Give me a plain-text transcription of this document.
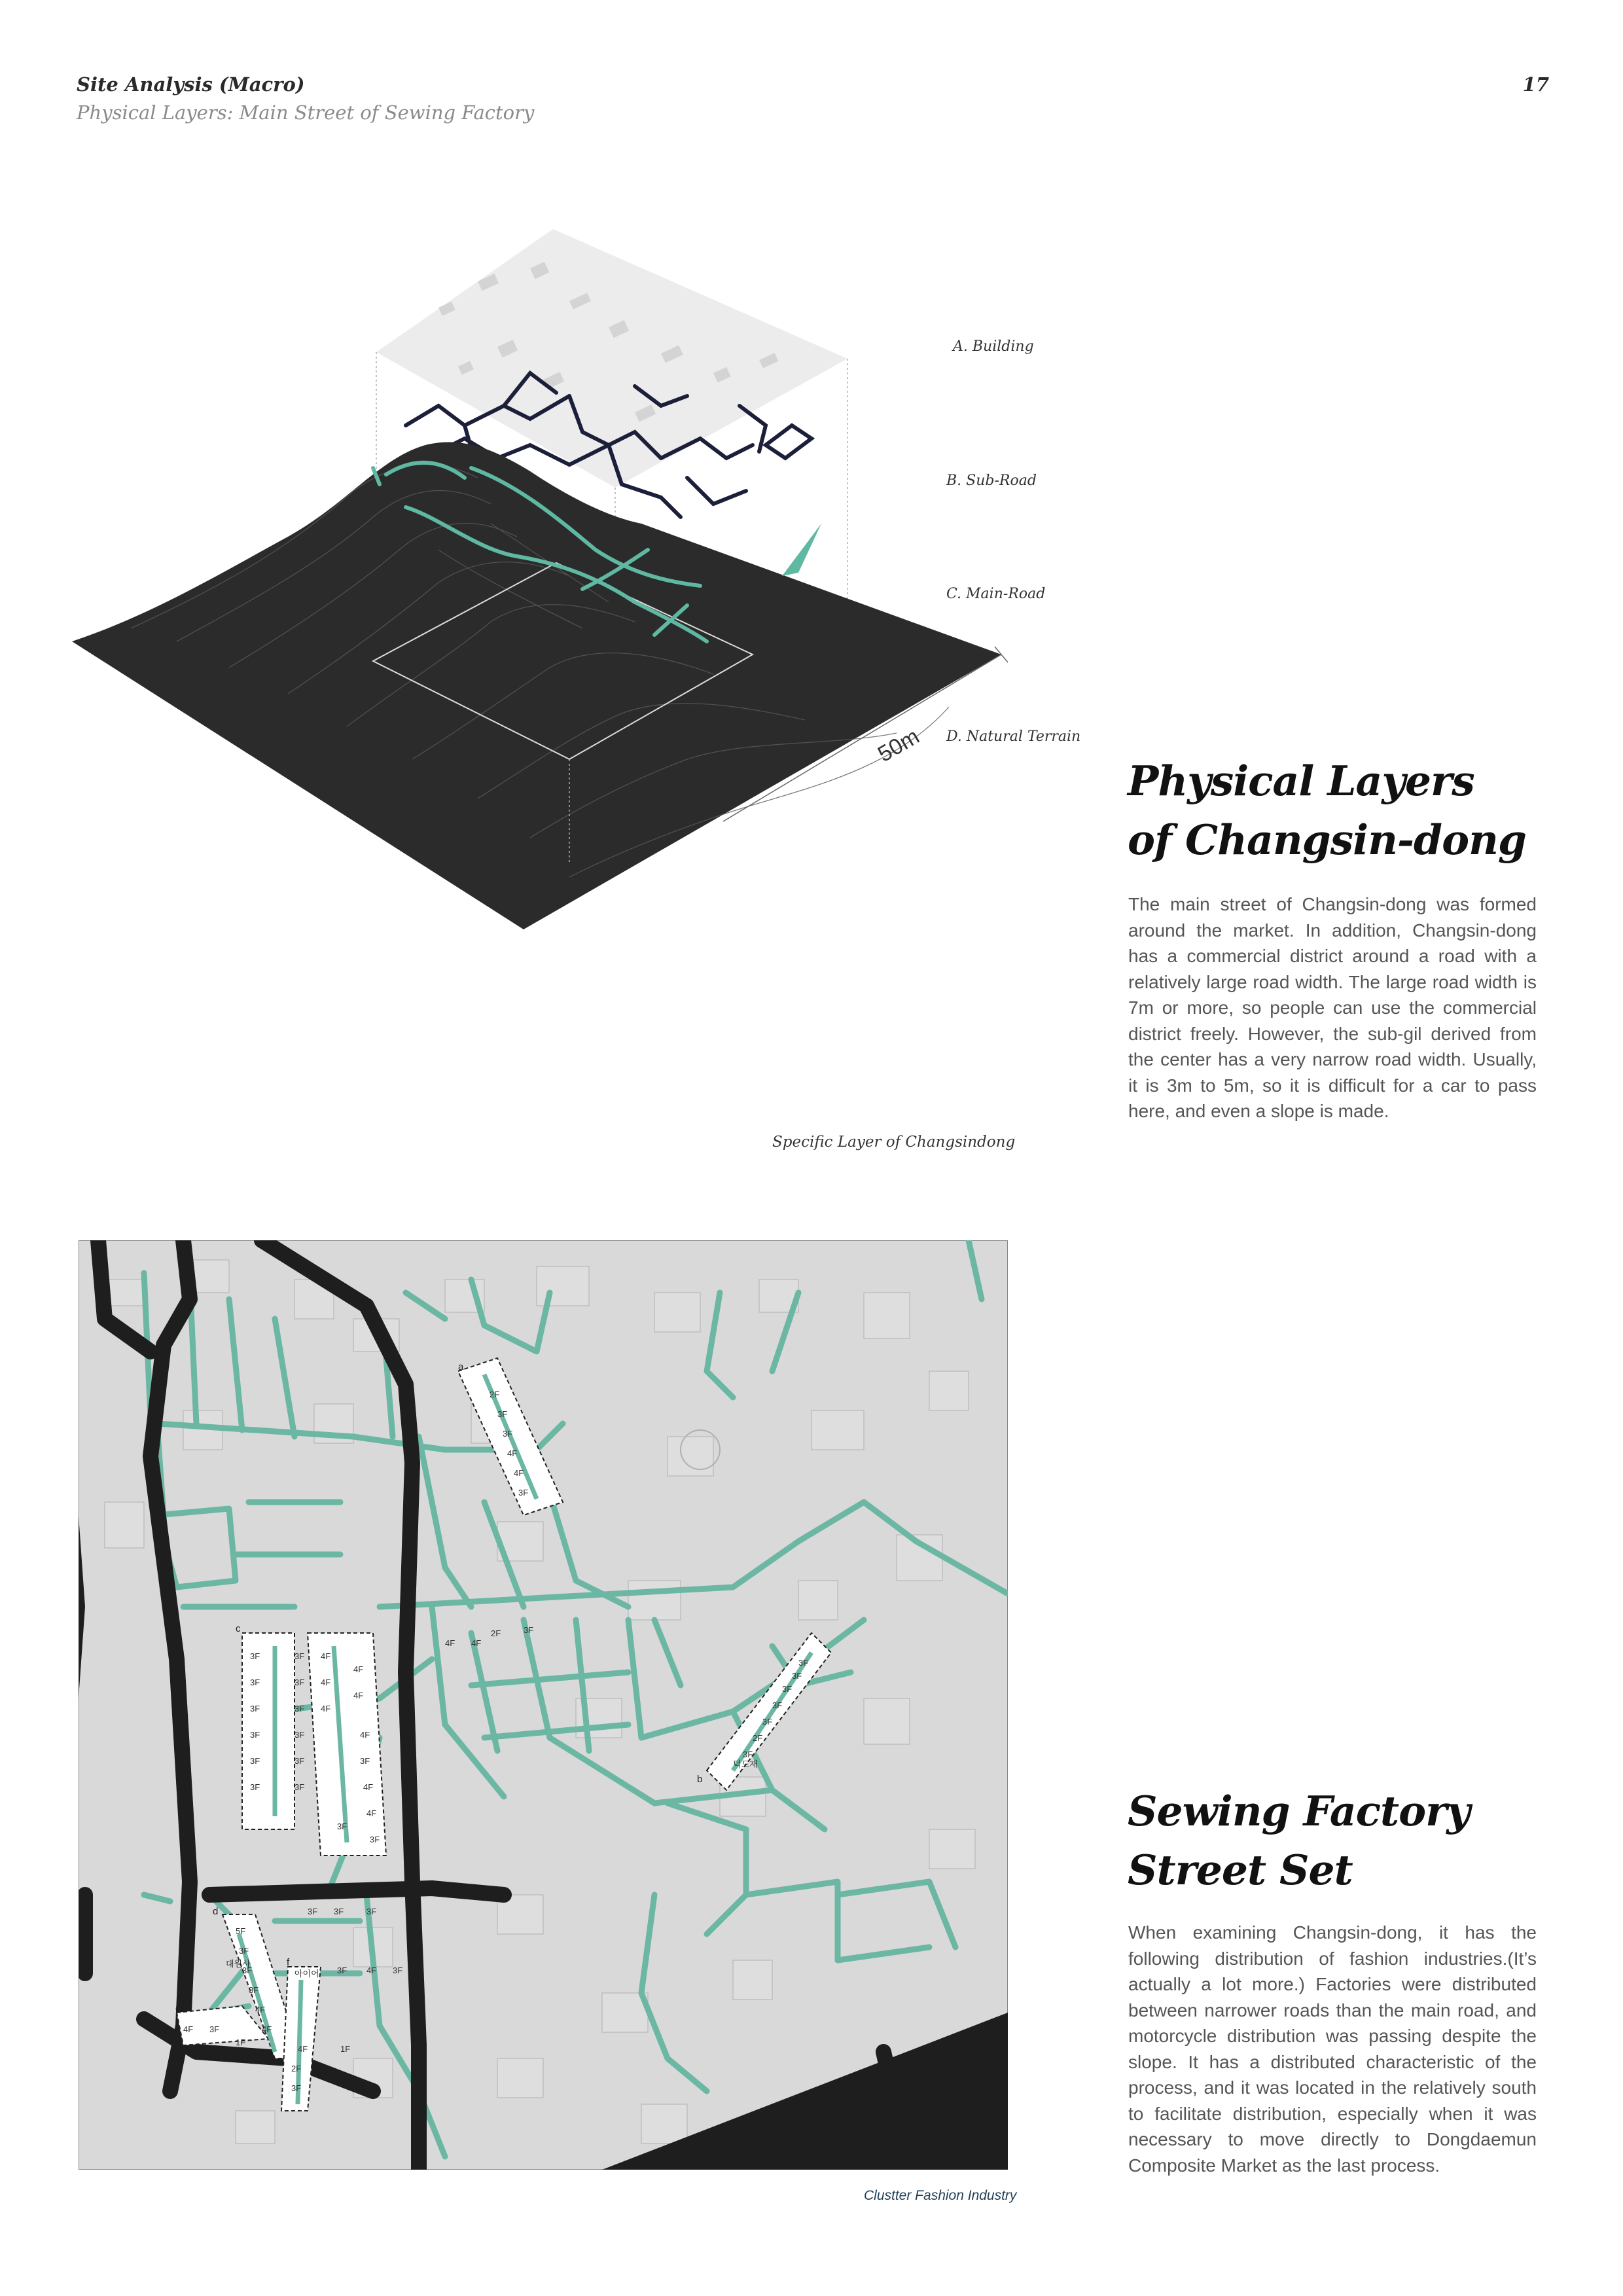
Site Analysis (Macro)
Physical Layers: Main Street of Sewing Factory
17
50m
A. Building
B. Sub-Road
C. Main-Road
D. Natural Terrain
Specific Layer of Changsindong
Physical Layers
of Changsin-dong
The main street of Changsin-dong was formed around the market. In addition, Changsin-dong has a commercial district around a road with a relatively large road width. The large road width is 7m or more, so people can use the commercial district freely. However, the sub-gil derived from the center has a very narrow road width. Usually, it is 3m to 5m, so it is difficult for a car to pass here, and even a slope is made.
2F
3F
3F
4F
4F
3F
3F
3F
3F
3F
3F
3F
3F
3F
3F
3F
3F
3F
4F
4F
4F
4F
4F
4F
3F
4F
4F
3F
3F
4F 4F
2F	3F
3F
3F
3F
3F
3F
2F
3F
3F 3F	3F
5F
3F
3F
3F
4F
4F
4F 3F
1F
4F
2F
3F
3F 4F 3F
1F
a
b
c
d
e
f
대원사
아이어
덕도재
Clustter Fashion Industry
Sewing Factory
Street Set
When examining Changsin-dong, it has the following distribution of fashion industries.(It’s actually a lot more.) Factories were distributed between narrower roads than the main road, and motorcycle distribution was passing despite the slope. It has a distributed characteristic of the process, and it was located in the relatively south to facilitate distribution, especially when it was necessary to move directly to Dongdaemun Composite Market as the last process.
